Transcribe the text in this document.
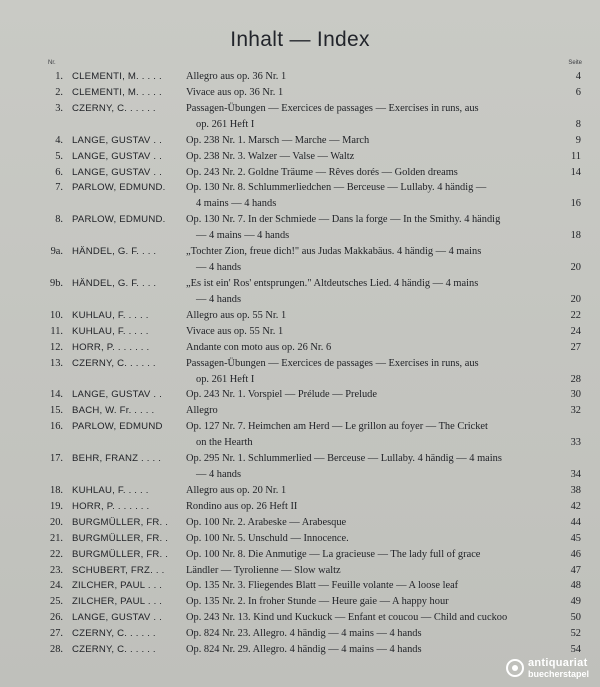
Inhalt — Index
Nr.	Seite
1. CLEMENTI, M. . . . .	Allegro aus op. 36 Nr. 1	4
2. CLEMENTI, M. . . . .	Vivace aus op. 36 Nr. 1	6
3. CZERNY, C. . . . . .	Passagen-Übungen — Exercices de passages — Exercises in runs, aus
op. 261 Heft I	8
4. LANGE, GUSTAV . .	Op. 238 Nr. 1. Marsch — Marche — March	9
5. LANGE, GUSTAV . .	Op. 238 Nr. 3. Walzer — Valse — Waltz	11
6. LANGE, GUSTAV . .	Op. 243 Nr. 2. Goldne Träume — Rêves dorés — Golden dreams	14
7. PARLOW, EDMUND.	Op. 130 Nr. 8. Schlummerliedchen — Berceuse — Lullaby. 4 händig —
4 mains — 4 hands	16
8. PARLOW, EDMUND.	Op. 130 Nr. 7. In der Schmiede — Dans la forge — In the Smithy. 4 händig
— 4 mains — 4 hands	18
9a. HÄNDEL, G. F. . . .	„Tochter Zion, freue dich!" aus Judas Makkabäus. 4 händig — 4 mains
— 4 hands	20
9b. HÄNDEL, G. F. . . .	„Es ist ein' Ros' entsprungen." Altdeutsches Lied. 4 händig — 4 mains
— 4 hands	20
10. KUHLAU, F. . . . .	Allegro aus op. 55 Nr. 1	22
11. KUHLAU, F. . . . .	Vivace aus op. 55 Nr. 1	24
12. HORR, P. . . . . . .	Andante con moto aus op. 26 Nr. 6	27
13. CZERNY, C. . . . . .	Passagen-Übungen — Exercices de passages — Exercises in runs, aus
op. 261 Heft I	28
14. LANGE, GUSTAV . .	Op. 243 Nr. 1. Vorspiel — Prélude — Prelude	30
15. BACH, W. Fr. . . . .	Allegro	32
16. PARLOW, EDMUND	Op. 127 Nr. 7. Heimchen am Herd — Le grillon au foyer — The Cricket
on the Hearth	33
17. BEHR, FRANZ . . . .	Op. 295 Nr. 1. Schlummerlied — Berceuse — Lullaby. 4 händig — 4 mains
— 4 hands	34
18. KUHLAU, F. . . . .	Allegro aus op. 20 Nr. 1	38
19. HORR, P. . . . . . .	Rondino aus op. 26 Heft II	42
20. BURGMÜLLER, FR. .	Op. 100 Nr. 2. Arabeske — Arabesque	44
21. BURGMÜLLER, FR. .	Op. 100 Nr. 5. Unschuld — Innocence.	45
22. BURGMÜLLER, FR. .	Op. 100 Nr. 8. Die Anmutige — La gracieuse — The lady full of grace	46
23. SCHUBERT, FRZ. . .	Ländler — Tyrolienne — Slow waltz	47
24. ZILCHER, PAUL . . .	Op. 135 Nr. 3. Fliegendes Blatt — Feuille volante — A loose leaf	48
25. ZILCHER, PAUL . . .	Op. 135 Nr. 2. In froher Stunde — Heure gaie — A happy hour	49
26. LANGE, GUSTAV . .	Op. 243 Nr. 13. Kind und Kuckuck — Enfant et coucou — Child and cuckoo	50
27. CZERNY, C. . . . . .	Op. 824 Nr. 23. Allegro. 4 händig — 4 mains — 4 hands	52
28. CZERNY, C. . . . . .	Op. 824 Nr. 29. Allegro. 4 händig — 4 mains — 4 hands	54
antiquariat
buecherstapel
